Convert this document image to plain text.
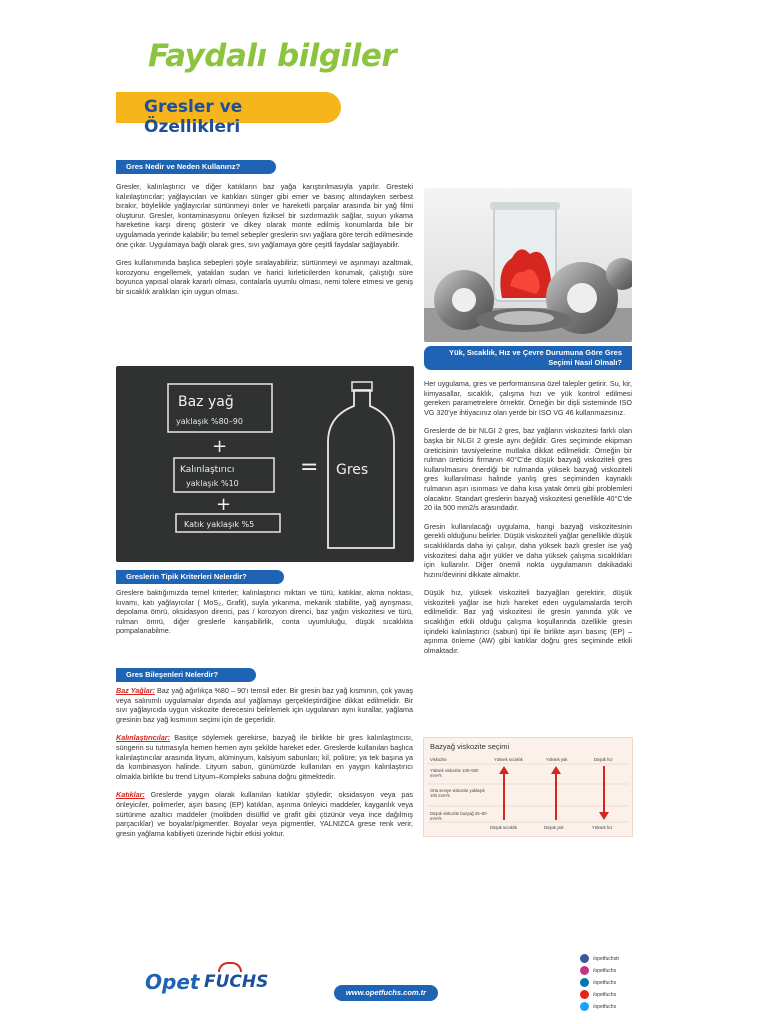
Faydalı bilgiler
Gresler ve Özellikleri
Gres Nedir ve Neden Kullanırız?

Gresler, kalınlaştırıcı ve diğer katıkların baz yağa karıştırılmasıyla yapılır. Gresteki kalınlaştırıcılar; yağlayıcıları ve katıkları sünger gibi emer ve basınç altındayken serbest bırakır, böylelikle yağlayıcılar sürtünmeyi önler ve hareketli parçalar arasında bir yağ filmi oluşturur. Gresler, kontaminasyonu önleyen fiziksel bir sızdırmazlık sağlar, suyun yıkama hareketine karşı direnç gösterir ve dikey olarak monte edilmiş konumlarda bile bir uygulamada yerinde kalabilir; bu temel sebepler greslerin sıvı yağlara göre tercih edilmesinde öne çıkar. Uygulamaya bağlı olarak gres, sıvı yağlamaya göre çeşitli faydalar sağlayabilir.

Gres kullanımında başlıca sebepleri şöyle sıralayabiliriz; sürtünmeyi ve aşınmayı azaltmak, korozyonu engellemek, yatakları sudan ve harici kirleticilerden korumak, çalıştığı süre boyunca yapısal olarak kararlı olması, contalarla uyumlu olması, nemi tolere etmesi ve geniş bir sıcaklık aralıkları için uygun olması.

Yük, Sıcaklık, Hız ve Çevre Durumuna Göre Gres Seçimi Nasıl Olmalı?

Her uygulama, gres ve performansına özel talepler getirir. Su, kir, kimyasallar, sıcaklık, çalışma hızı ve yük kontrol edilmesi gereken parametrelere örnektir. Örneğin bir dişli sisteminde ISO VG 320'ye ihtiyacınız olan yerde bir ISO VG 46 kullanmazsınız.

Greslerde de bir NLGI 2 gres, baz yağların viskozitesi farklı olan başka bir NLGI 2 gresle aynı değildir. Gres seçiminde ekipman üreticisinin tavsiyelerine mutlaka dikkat edilmelidir. Örneğin bir rulman üreticisi firmanın 40°C'de düşük bazyağ viskoziteli gres kullanılmasını önerdiği bir rulmanda yüksek bazyağ viskoziteli gres kullanılması halinde yanlış gres seçiminden kaynaklı rulmanın aşırı ısınması ve daha kısa yatak ömrü gibi problemleri olacaktır. Standart greslerin bazyağ viskozitesi genellikle 40°C'de 20 ila 500 mm2/s arasındadır.

Gresin kullanılacağı uygulama, hangi bazyağ viskozitesinin gerekli olduğunu belirler. Düşük viskoziteli yağlar genellikle düşük sıcaklıklarda daha iyi çalışır, daha yüksek bazlı gresler ise yağ viskozitesi daha ağır yükler ve daha yüksek çalışma sıcaklıkları için kullanılır. Diğer önemli nokta uygulamanın dakikadaki hızını/devirini dikkate almaktır.

Düşük hız, yüksek viskoziteli bazyağları gerektirir, düşük viskoziteli yağlar ise hızlı hareket eden uygulamalarda tercih edilmelidir. Baz yağ viskozitesi ile gresin yanında yük ve sıcaklığın etkili olduğu çalışma koşullarında özellikle gresin içindeki kalınlaştırıcı (sabun) tipi ile birlikte aşırı basınç (EP) – aşınma önleme (AW) gibi katıklar doğru gres seçiminde etkili olmaktadır.

Baz yağ
yaklaşık %80–90
+
Kalınlaştırıcı
yaklaşık %10
+
Katık yaklaşık %5
= Gres
Greslerin Tipik Kriterleri Nelerdir?

Greslere baktığımızda temel kriterler; kalınlaştırıcı miktarı ve türü, katıklar, akma noktası, kıvamı, katı yağlayıcılar ( MoS₂, Grafit), suyla yıkanma, mekanik stabilite, yağ ayrışması, depolama ömrü, oksidasyon direnci, pas / korozyon direnci, baz yağın viskozitesi ve türü, rulman ömrü, diğer greslerle karışabilirlik, conta uyumluluğu, düşük sıcaklıkta pompalanabilme.

Gres Bileşenleri Nelerdir?

Baz Yağlar: Baz yağ ağırlıkça %80 – 90'ı temsil eder. Bir gresin baz yağ kısmının, çok yavaş veya salınımlı uygulamalar dışında asıl yağlamayı gerçekleştirdiğine dikkat edilmelidir. Bir sıvı yağlayıcıda uygun viskozite derecesini belirlemek için uygulanan aynı kurallar, yağlama gresinin baz yağ kısmının seçimi için de geçerlidir.

Kalınlaştırıcılar: Basitçe söylemek gerekirse, bazyağ ile birlikte bir gres kalınlaştırıcısı, süngerin su tutmasıyla hemen hemen aynı şekilde hareket eder. Greslerde kullanılan başlıca kalınlaştırıcılar arasında lityum, alüminyum, kalsiyum sabunları; kil, poliüre; ya tek başına ya da kombinasyon halinde. Lityum sabun, günümüzde kullanılan en yaygın kalınlaştırıcı olmakla birlikte bu trend Lityum–Kompleks sabuna doğru gitmektedir.

Katıklar: Greslerde yaygın olarak kullanılan katıklar şöyledir; oksidasyon veya pas önleyiciler, polimerler, aşırı basınç (EP) katıkları, aşınma önleyici maddeler, kayganlık veya sürtünme azaltıcı maddeler (molibden disülfid ve grafit gibi çözünür veya ince dağılmış parçacıklar) ve boyalar/pigmentler. Boyalar veya pigmentler, YALNIZCA grese renk verir, gresin yağlama kabiliyeti üzerinde hiçbir etkisi yoktur.

Bazyağ viskozite seçimi
Viskozite	Yüksek sıcaklık	Yüksek yük	Düşük hız
Yüksek viskozite 100–500 mm²/s
Orta seviye viskozite yaklaşık 100 mm²/s
Düşük viskozite bazyağ 25–80 mm²/s
Düşük sıcaklık	Düşük yük	Yüksek hız
Opet FUCHS
www.opetfuchs.com.tr
/opetfuchstr
/opetfuchs
/opetfuchs
/opetfuchs
/opetfuchs
